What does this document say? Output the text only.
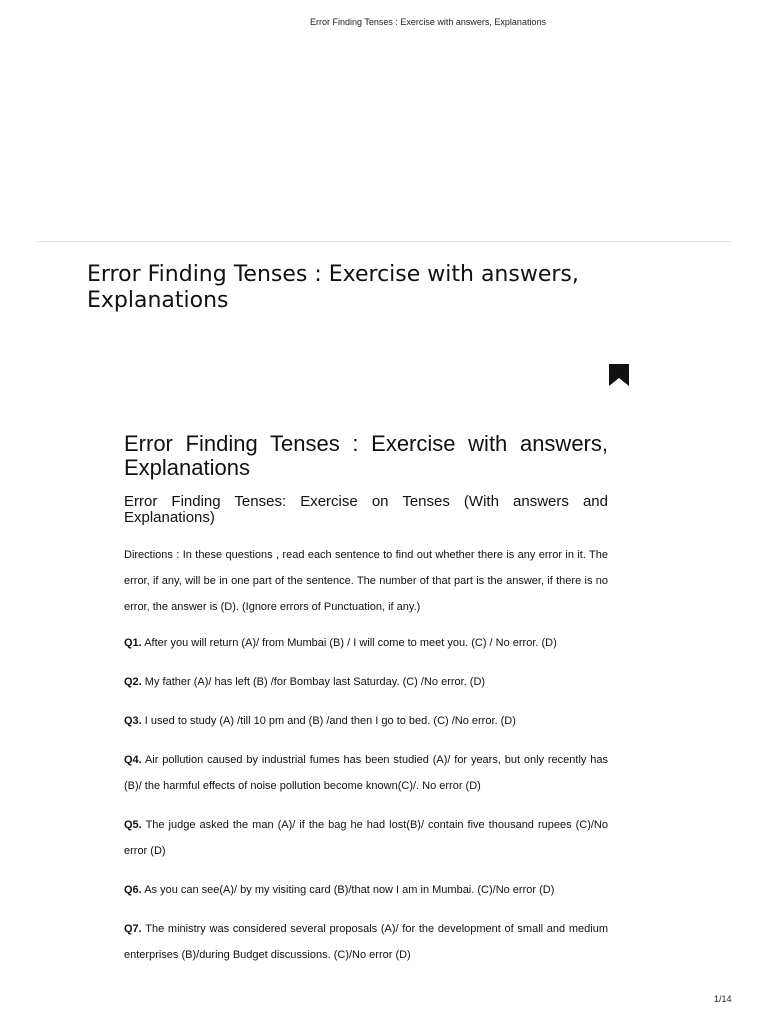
Error Finding Tenses : Exercise with answers, Explanations
Error Finding Tenses : Exercise with answers, Explanations
Error Finding Tenses : Exercise with answers, Explanations
Error Finding Tenses: Exercise on Tenses (With answers and Explanations)

Directions : In these questions , read each sentence to find out whether there is any error in it. The error, if any, will be in one part of the sentence. The number of that part is the answer, if there is no error, the answer is (D). (Ignore errors of Punctuation, if any.)

Q1. After you will return (A)/ from Mumbai (B) / I will come to meet you. (C) / No error. (D)

Q2. My father (A)/ has left (B) /for Bombay last Saturday. (C) /No error. (D)

Q3. I used to study (A) /till 10 pm and (B) /and then I go to bed. (C) /No error. (D)

Q4. Air pollution caused by industrial fumes has been studied (A)/ for years, but only recently has (B)/ the harmful effects of noise pollution become known(C)/. No error (D)

Q5. The judge asked the man (A)/ if the bag he had lost(B)/ contain five thousand rupees (C)/No error (D)

Q6. As you can see(A)/ by my visiting card (B)/that now I am in Mumbai. (C)/No error (D)

Q7. The ministry was considered several proposals (A)/ for the development of small and medium enterprises (B)/during Budget discussions. (C)/No error (D)

1/14
